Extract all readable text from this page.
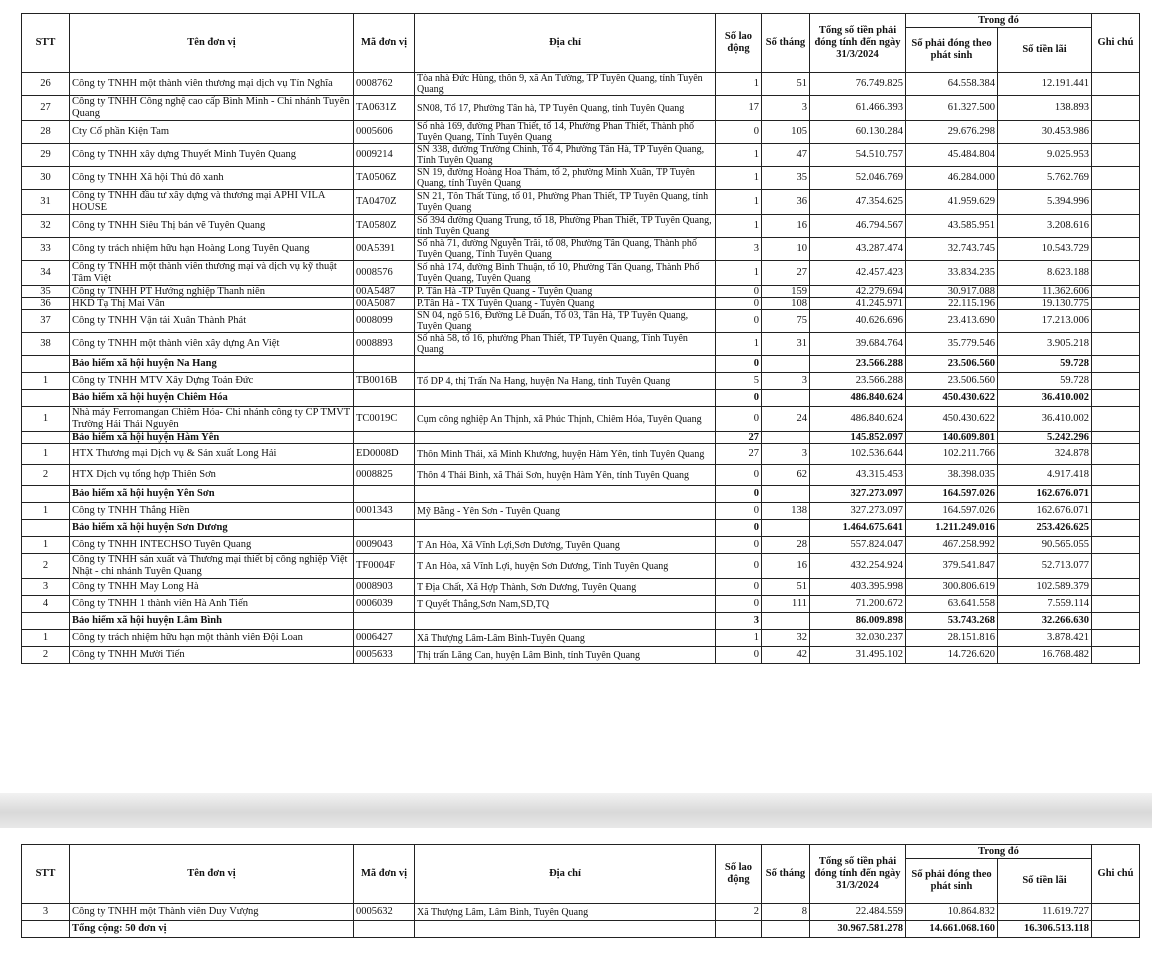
STT	Tên đơn vị	Mã đơn vị	Địa chỉ	Số lao động	Số tháng	Tổng số tiền phải đóng tính đến ngày 31/3/2024	Trong đó		Ghi chú
							Số phải đóng theo phát sinh	Số tiền lãi	
26	Công ty TNHH một thành viên thương mại dịch vụ Tín Nghĩa	0008762	Tòa nhà Đức Hùng, thôn 9, xã An Tường, TP Tuyên Quang, tỉnh Tuyên Quang	1	51	76.749.825	64.558.384	12.191.441	
27	Công ty TNHH Công nghệ cao cấp Bình Minh - Chi nhánh Tuyên Quang	TA0631Z	SN08, Tổ 17, Phường Tân hà, TP Tuyên Quang, tỉnh Tuyên Quang	17	3	61.466.393	61.327.500	138.893	
28	Cty Cổ phần Kiện Tam	0005606	Số nhà 169, đường Phan Thiết, tổ 14, Phường Phan Thiết, Thành phố Tuyên Quang, Tỉnh Tuyên Quang	0	105	60.130.284	29.676.298	30.453.986	
29	Công ty TNHH xây dựng Thuyết Minh Tuyên Quang	0009214	SN 338, đường Trường Chinh, Tổ 4, Phường Tân Hà, TP Tuyên Quang, Tỉnh Tuyên Quang	1	47	54.510.757	45.484.804	9.025.953	
30	Công ty TNHH Xã hội Thủ đô xanh	TA0506Z	SN 19, đường Hoàng Hoa Thám, tổ 2, phường Minh Xuân, TP Tuyên Quang, tỉnh Tuyên Quang	1	35	52.046.769	46.284.000	5.762.769	
31	Công ty TNHH đầu tư xây dựng và thương mại APHI VILA HOUSE	TA0470Z	SN 21, Tôn Thất Tùng, tổ 01, Phường Phan Thiết, TP Tuyên Quang, tỉnh Tuyên Quang	1	36	47.354.625	41.959.629	5.394.996	
32	Công ty TNHH Siêu Thị bán vẽ Tuyên Quang	TA0580Z	Số 394 đường Quang Trung, tổ 18, Phường Phan Thiết, TP Tuyên Quang, tỉnh Tuyên Quang	1	16	46.794.567	43.585.951	3.208.616	
33	Công ty trách nhiệm hữu hạn Hoàng Long Tuyên Quang	00A5391	Số nhà 71, đường Nguyễn Trãi, tổ 08, Phường Tân Quang, Thành phố Tuyên Quang, Tỉnh Tuyên Quang	3	10	43.287.474	32.743.745	10.543.729	
34	Công ty TNHH một thành viên thương mại và dịch vụ kỹ thuật Tâm Việt	0008576	Số nhà 174, đường Bình Thuận, tổ 10, Phường Tân Quang, Thành Phố Tuyên Quang, Tuyên Quang	1	27	42.457.423	33.834.235	8.623.188	
35	Công ty TNHH PT Hướng nghiệp Thanh niên	00A5487	P. Tân Hà -TP Tuyên Quang - Tuyên Quang	0	159	42.279.694	30.917.088	11.362.606	
36	HKD Tạ Thị Mai Vân	00A5087	P.Tân Hà - TX Tuyên Quang - Tuyên Quang	0	108	41.245.971	22.115.196	19.130.775	
37	Công ty TNHH Vận tải Xuân Thành Phát	0008099	SN 04, ngõ 516, Đường Lê Duẩn, Tổ 03, Tân Hà, TP Tuyên Quang, Tuyên Quang	0	75	40.626.696	23.413.690	17.213.006	
38	Công ty TNHH một thành viên xây dựng An Việt	0008893	Số nhà 58, tổ 16, phường Phan Thiết, TP Tuyên Quang, Tỉnh Tuyên Quang	1	31	39.684.764	35.779.546	3.905.218	
	Bảo hiểm xã hội huyện Na Hang			0		23.566.288	23.506.560	59.728	
1	Công ty TNHH MTV Xây Dựng Toản Đức	TB0016B	Tổ DP 4, thị Trấn Na Hang, huyện Na Hang, tỉnh Tuyên Quang	5	3	23.566.288	23.506.560	59.728	
	Bảo hiểm xã hội huyện Chiêm Hóa			0		486.840.624	450.430.622	36.410.002	
1	Nhà máy Ferromangan Chiêm Hóa- Chi nhánh công ty CP TMVT Trường Hải Thái Nguyên	TC0019C	Cụm công nghiệp An Thịnh, xã Phúc Thịnh, Chiêm Hóa, Tuyên Quang	0	24	486.840.624	450.430.622	36.410.002	
	Bảo hiểm xã hội huyện Hàm Yên			27		145.852.097	140.609.801	5.242.296	
1	HTX Thương mại Dịch vụ & Sản xuất Long Hải	ED0008D	Thôn Minh Thái, xã Minh Khương, huyện Hàm Yên, tỉnh Tuyên Quang	27	3	102.536.644	102.211.766	324.878	
2	HTX Dịch vụ tổng hợp Thiên Sơn	0008825	Thôn 4 Thái Bình, xã Thái Sơn, huyện Hàm Yên, tỉnh Tuyên Quang	0	62	43.315.453	38.398.035	4.917.418	
	Bảo hiểm xã hội huyện Yên Sơn			0		327.273.097	164.597.026	162.676.071	
1	Công ty TNHH Thắng Hiền	0001343	Mỹ Bằng - Yên Sơn - Tuyên Quang	0	138	327.273.097	164.597.026	162.676.071	
	Bảo hiểm xã hội huyện Sơn Dương			0		1.464.675.641	1.211.249.016	253.426.625	
1	Công ty TNHH INTECHSO Tuyên Quang	0009043	T An Hòa, Xã Vĩnh Lợi,Sơn Dương, Tuyên Quang	0	28	557.824.047	467.258.992	90.565.055	
2	Công ty TNHH sản xuất và Thương mại thiết bị công nghiệp Việt Nhật - chi nhánh Tuyên Quang	TF0004F	T An Hòa, xã Vĩnh Lợi, huyện Sơn Dương, Tỉnh Tuyên Quang	0	16	432.254.924	379.541.847	52.713.077	
3	Công ty TNHH May Long Hà	0008903	T Địa Chất, Xã Hợp Thành, Sơn Dương, Tuyên Quang	0	51	403.395.998	300.806.619	102.589.379	
4	Công ty TNHH 1 thành viên Hà Anh Tiến	0006039	T Quyết Thắng,Sơn Nam,SD,TQ	0	111	71.200.672	63.641.558	7.559.114	
	Bảo hiểm xã hội huyện Lâm Bình			3		86.009.898	53.743.268	32.266.630	
1	Công ty trách nhiệm hữu hạn một thành viên Đội Loan	0006427	Xã Thượng Lâm-Lâm Bình-Tuyên Quang	1	32	32.030.237	28.151.816	3.878.421	
2	Công ty TNHH Mười Tiến	0005633	Thị trấn Lăng Can, huyện Lâm Bình, tỉnh Tuyên Quang	0	42	31.495.102	14.726.620	16.768.482	
STT	Tên đơn vị	Mã đơn vị	Địa chỉ	Số lao động	Số tháng	Tổng số tiền phải đóng tính đến ngày 31/3/2024	Trong đó		Ghi chú
							Số phải đóng theo phát sinh	Số tiền lãi	
3	Công ty TNHH một Thành viên Duy Vượng	0005632	Xã Thượng Lâm, Lâm Bình, Tuyên Quang	2	8	22.484.559	10.864.832	11.619.727	
	Tổng cộng: 50 đơn vị					30.967.581.278	14.661.068.160	16.306.513.118	
